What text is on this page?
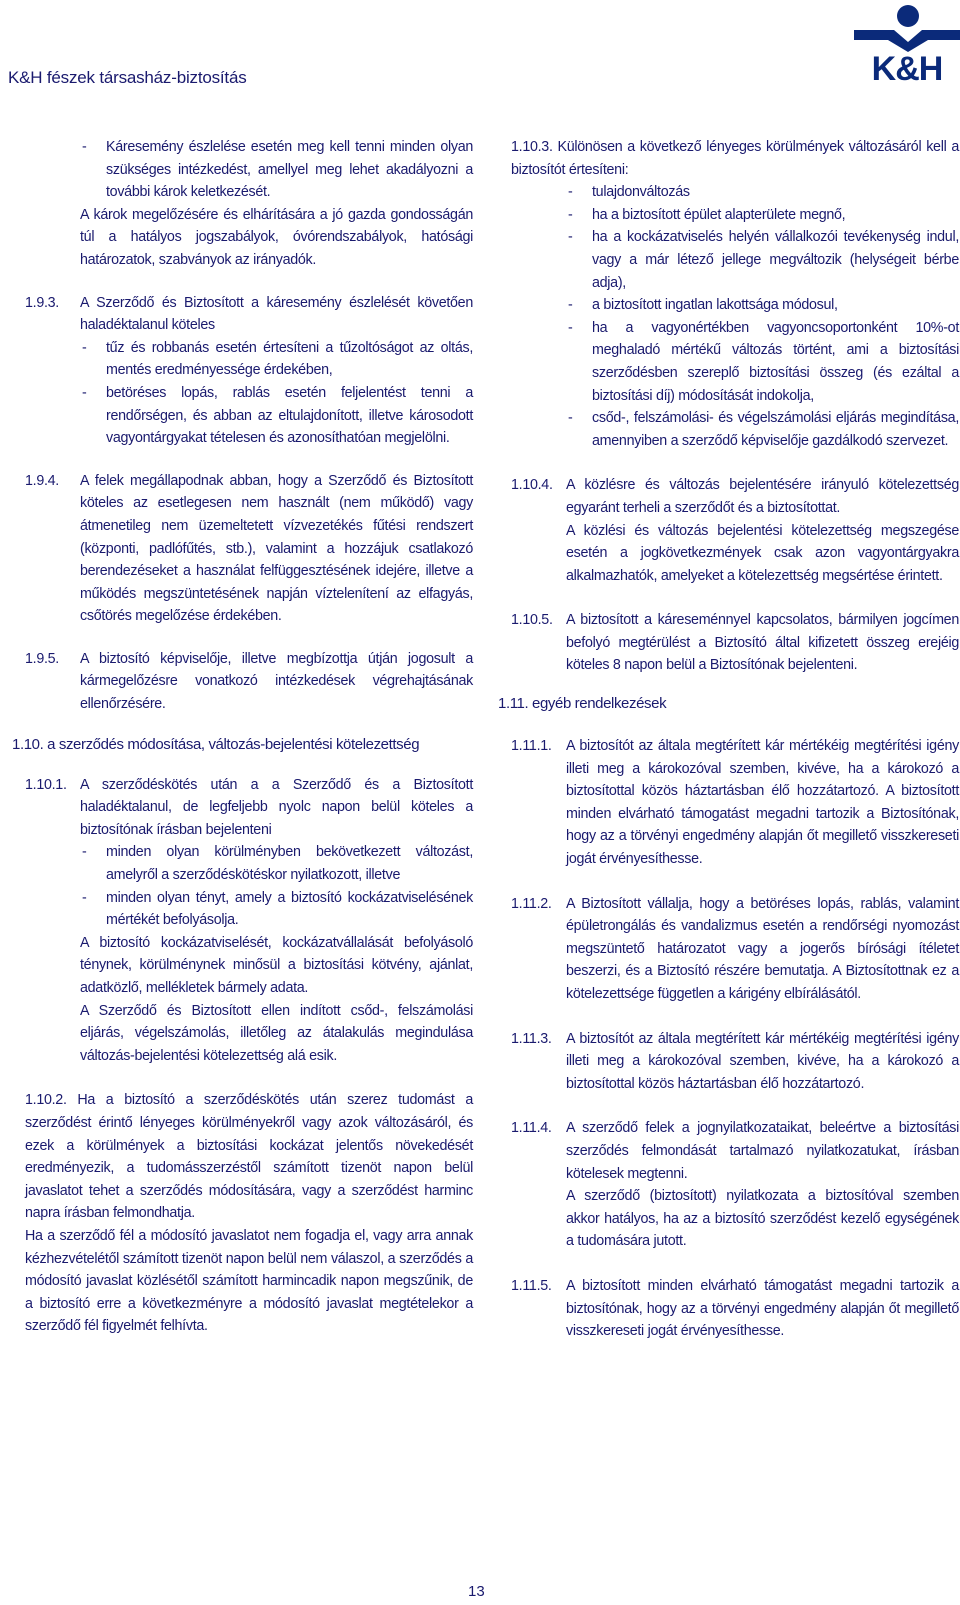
K&H fészek társasház-biztosítás	K&H
- Káresemény észlelése esetén meg kell tenni minden olyan szükséges intézkedést, amellyel meg lehet akadályozni a további károk keletkezését.
A károk megelőzésére és elhárítására a jó gazda gondosságán túl a hatályos jogszabályok, óvórendszabályok, hatósági határozatok, szabványok az irányadók.
1.9.3. A Szerződő és Biztosított a káresemény észlelését követően haladéktalanul köteles
- tűz és robbanás esetén értesíteni a tűzoltóságot az oltás, mentés eredményessége érdekében,
- betöréses lopás, rablás esetén feljelentést tenni a rendőrségen, és abban az eltulajdonított, illetve károsodott vagyontárgyakat tételesen és azonosíthatóan megjelölni.
1.9.4. A felek megállapodnak abban, hogy a Szerződő és Biztosított köteles az esetlegesen nem használt (nem működő) vagy átmenetileg nem üzemeltetett vízvezetékés fűtési rendszert (központi, padlófűtés, stb.), valamint a hozzájuk csatlakozó berendezéseket a használat felfüggesztésének idejére, illetve a működés megszüntetésének napján víztelenítení az elfagyás, csőtörés megelőzése érdekében.
1.9.5. A biztosító képviselője, illetve megbízottja útján jogosult a kármegelőzésre vonatkozó intézkedések végrehajtásának ellenőrzésére.
1.10. a szerződés módosítása, változás-bejelentési kötelezettség
1.10.1. A szerződéskötés után a a Szerződő és a Biztosított haladéktalanul, de legfeljebb nyolc napon belül köteles a biztosítónak írásban bejelenteni
- minden olyan körülményben bekövetkezett változást, amelyről a szerződéskötéskor nyilatkozott, illetve
- minden olyan tényt, amely a biztosító kockázatviselésének mértékét befolyásolja.
A biztosító kockázatviselését, kockázatvállalását befolyásoló ténynek, körülménynek minősül a biztosítási kötvény, ajánlat, adatközlő, mellékletek bármely adata.
A Szerződő és Biztosított ellen indított csőd-, felszámolási eljárás, végelszámolás, illetőleg az átalakulás megindulása változás-bejelentési kötelezettség alá esik.
1.10.2. Ha a biztosító a szerződéskötés után szerez tudomást a szerződést érintő lényeges körülményekről vagy azok változásáról, és ezek a körülmények a biztosítási kockázat jelentős növekedését eredményezik, a tudomásszerzéstől számított tizenöt napon belül javaslatot tehet a szerződés módosítására, vagy a szerződést harminc napra írásban felmondhatja.
Ha a szerződő fél a módosító javaslatot nem fogadja el, vagy arra annak kézhezvételétől számított tizenöt napon belül nem válaszol, a szerződés a módosító javaslat közlésétől számított harmincadik napon megszűnik, de a biztosító erre a következményre a módosító javaslat megtételekor a szerződő fél figyelmét felhívta.
1.10.3. Különösen a következő lényeges körülmények változásáról kell a biztosítót értesíteni:
- tulajdonváltozás
- ha a biztosított épület alapterülete megnő,
- ha a kockázatviselés helyén vállalkozói tevékenység indul, vagy a már létező jellege megváltozik (helységeit bérbe adja),
- a biztosított ingatlan lakottsága módosul,
- ha a vagyonértékben vagyoncsoportonként 10%-ot meghaladó mértékű változás történt, ami a biztosítási szerződésben szereplő biztosítási összeg (és ezáltal a biztosítási díj) módosítását indokolja,
- csőd-, felszámolási- és végelszámolási eljárás megindítása, amennyiben a szerződő képviselője gazdálkodó szervezet.
1.10.4. A közlésre és változás bejelentésére irányuló kötelezettség egyaránt terheli a szerződőt és a biztosítottat.
A közlési és változás bejelentési kötelezettség megszegése esetén a jogkövetkezmények csak azon vagyontárgyakra alkalmazhatók, amelyeket a kötelezettség megsértése érintett.
1.10.5. A biztosított a káreseménnyel kapcsolatos, bármilyen jogcímen befolyó megtérülést a Biztosító által kifizetett összeg erejéig köteles 8 napon belül a Biztosítónak bejelenteni.
1.11. egyéb rendelkezések
1.11.1. A biztosítót az általa megtérített kár mértékéig megtérítési igény illeti meg a károkozóval szemben, kivéve, ha a károkozó a biztosítottal közös háztartásban élő hozzátartozó. A biztosított minden elvárható támogatást megadni tartozik a Biztosítónak, hogy az a törvényi engedmény alapján őt megillető visszkereseti jogát érvényesíthesse.
1.11.2. A Biztosított vállalja, hogy a betöréses lopás, rablás, valamint épületrongálás és vandalizmus esetén a rendőrségi nyomozást megszüntető határozatot vagy a jogerős bírósági ítéletet beszerzi, és a Biztosító részére bemutatja. A Biztosítottnak ez a kötelezettsége független a kárigény elbírálásától.
1.11.3. A biztosítót az általa megtérített kár mértékéig megtérítési igény illeti meg a károkozóval szemben, kivéve, ha a károkozó a biztosítottal közös háztartásban élő hozzátartozó.
1.11.4. A szerződő felek a jognyilatkozataikat, beleértve a biztosítási szerződés felmondását tartalmazó nyilatkozatukat, írásban kötelesek megtenni.
A szerződő (biztosított) nyilatkozata a biztosítóval szemben akkor hatályos, ha az a biztosító szerződést kezelő egységének a tudomására jutott.
1.11.5. A biztosított minden elvárható támogatást megadni tartozik a biztosítónak, hogy az a törvényi engedmény alapján őt megillető visszkereseti jogát érvényesíthesse.
13
